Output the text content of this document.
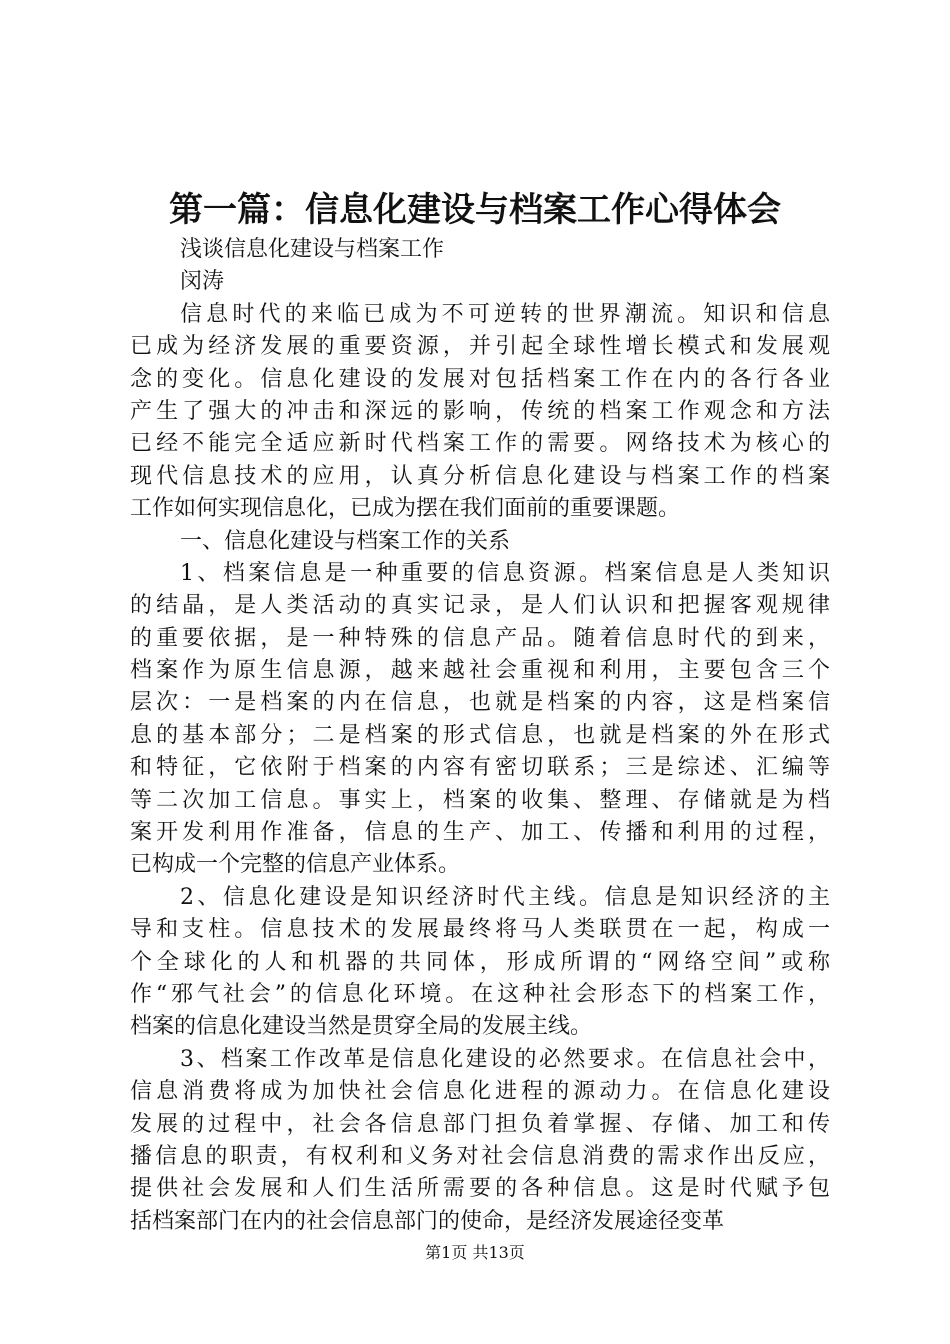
第一篇：信息化建设与档案工作心得体会
浅谈信息化建设与档案工作
闵涛
信息时代的来临已成为不可逆转的世界潮流。知识和信息
已成为经济发展的重要资源，并引起全球性增长模式和发展观
念的变化。信息化建设的发展对包括档案工作在内的各行各业
产生了强大的冲击和深远的影响，传统的档案工作观念和方法
已经不能完全适应新时代档案工作的需要。网络技术为核心的
现代信息技术的应用，认真分析信息化建设与档案工作的档案
工作如何实现信息化，已成为摆在我们面前的重要课题。
一、信息化建设与档案工作的关系
1、档案信息是一种重要的信息资源。档案信息是人类知识
的结晶，是人类活动的真实记录，是人们认识和把握客观规律
的重要依据，是一种特殊的信息产品。随着信息时代的到来，
档案作为原生信息源，越来越社会重视和利用，主要包含三个
层次：一是档案的内在信息，也就是档案的内容，这是档案信
息的基本部分；二是档案的形式信息，也就是档案的外在形式
和特征，它依附于档案的内容有密切联系；三是综述、汇编等
等二次加工信息。事实上，档案的收集、整理、存储就是为档
案开发利用作准备，信息的生产、加工、传播和利用的过程，
已构成一个完整的信息产业体系。
2、信息化建设是知识经济时代主线。信息是知识经济的主
导和支柱。信息技术的发展最终将马人类联贯在一起，构成一
个全球化的人和机器的共同体，形成所谓的“网络空间”或称
作“邪气社会”的信息化环境。在这种社会形态下的档案工作，
档案的信息化建设当然是贯穿全局的发展主线。
3、档案工作改革是信息化建设的必然要求。在信息社会中，
信息消费将成为加快社会信息化进程的源动力。在信息化建设
发展的过程中，社会各信息部门担负着掌握、存储、加工和传
播信息的职责，有权利和义务对社会信息消费的需求作出反应，
提供社会发展和人们生活所需要的各种信息。这是时代赋予包
括档案部门在内的社会信息部门的使命，是经济发展途径变革
第1页 共13页
